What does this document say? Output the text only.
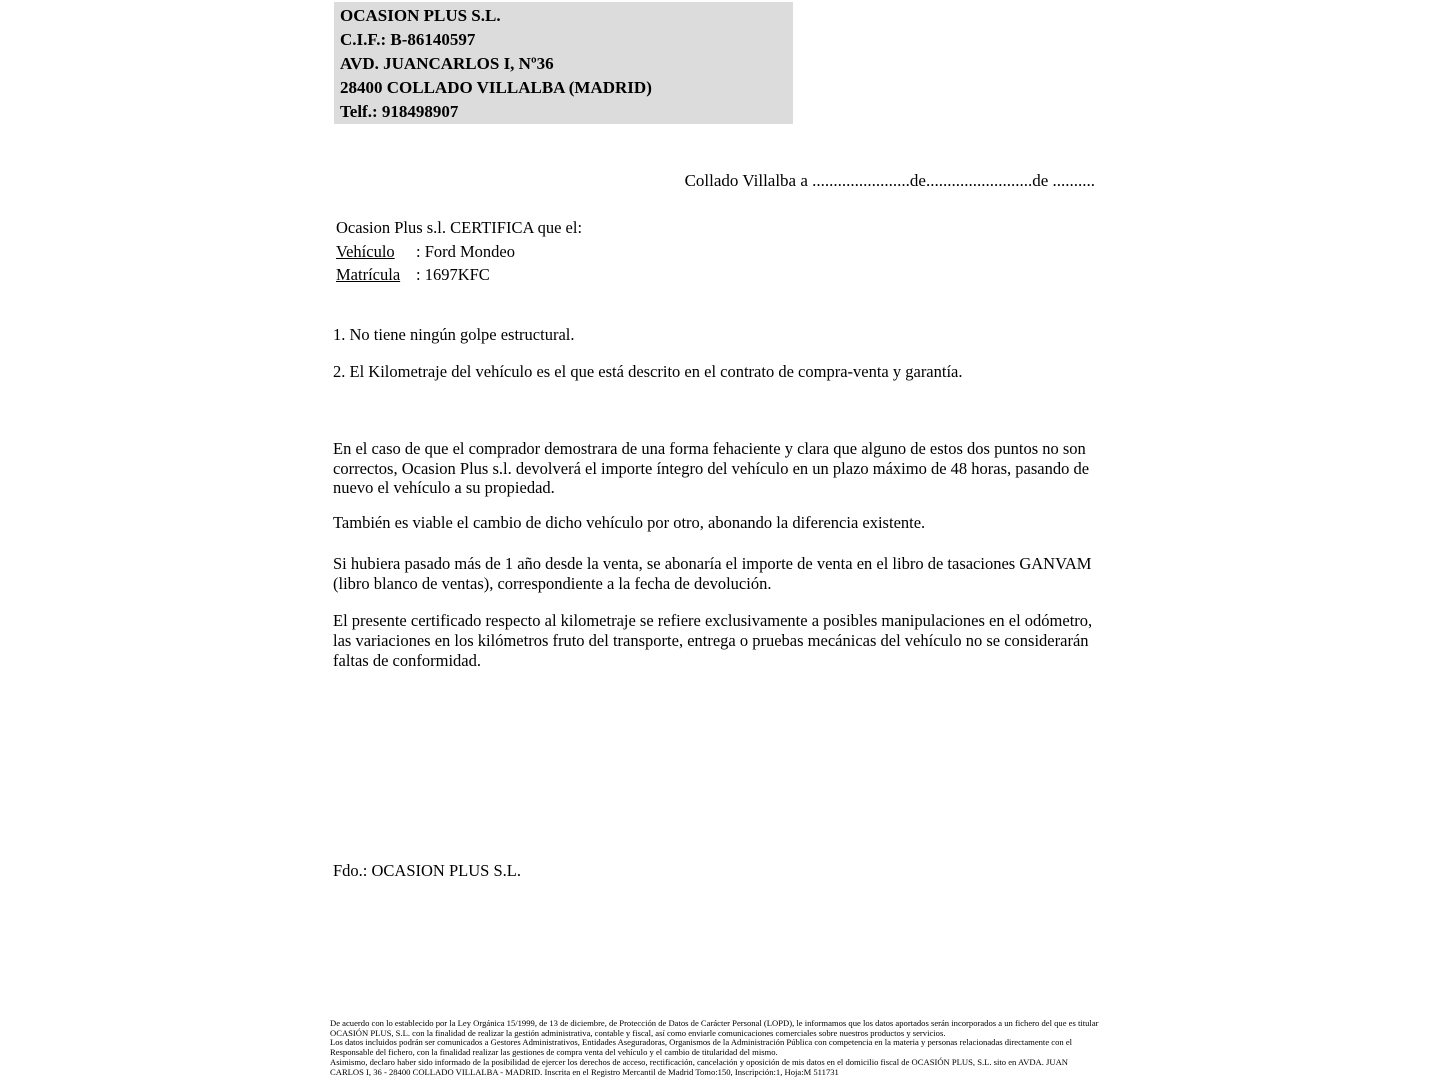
OCASION PLUS S.L.
C.I.F.: B-86140597
AVD. JUANCARLOS I, Nº36
28400 COLLADO VILLALBA (MADRID)
Telf.: 918498907
Collado Villalba a .......................de.........................de ..........
Ocasion Plus s.l. CERTIFICA que el:
Vehículo : Ford Mondeo
Matrícula : 1697KFC
1. No tiene ningún golpe estructural.
2. El Kilometraje del vehículo es el que está descrito en el contrato de compra-venta y garantía.

En el caso de que el comprador demostrara de una forma fehaciente y clara que alguno de estos dos puntos no son correctos, Ocasion Plus s.l. devolverá el importe íntegro del vehículo en un plazo máximo de 48 horas, pasando de nuevo el vehículo a su propiedad.

También es viable el cambio de dicho vehículo por otro, abonando la diferencia existente.

Si hubiera pasado más de 1 año desde la venta, se abonaría el importe de venta en el libro de tasaciones GANVAM (libro blanco de ventas), correspondiente a la fecha de devolución.

El presente certificado respecto al kilometraje se refiere exclusivamente a posibles manipulaciones en el odómetro, las variaciones en los kilómetros fruto del transporte, entrega o pruebas mecánicas del vehículo no se considerarán faltas de conformidad.

Fdo.: OCASION PLUS S.L.

De acuerdo con lo establecido por la Ley Orgánica 15/1999, de 13 de diciembre, de Protección de Datos de Carácter Personal (LOPD), le informamos que los datos aportados serán incorporados a un fichero del que es titular OCASIÓN PLUS, S.L. con la finalidad de realizar la gestión administrativa, contable y fiscal, así como enviarle comunicaciones comerciales sobre nuestros productos y servicios.

Los datos incluidos podrán ser comunicados a Gestores Administrativos, Entidades Aseguradoras, Organismos de la Administración Pública con competencia en la materia y personas relacionadas directamente con el Responsable del fichero, con la finalidad realizar las gestiones de compra venta del vehículo y el cambio de titularidad del mismo.

Asimismo, declaro haber sido informado de la posibilidad de ejercer los derechos de acceso, rectificación, cancelación y oposición de mis datos en el domicilio fiscal de OCASIÓN PLUS, S.L. sito en AVDA. JUAN CARLOS I, 36 - 28400 COLLADO VILLALBA - MADRID. Inscrita en el Registro Mercantil de Madrid Tomo:150, Inscripción:1, Hoja:M 511731
